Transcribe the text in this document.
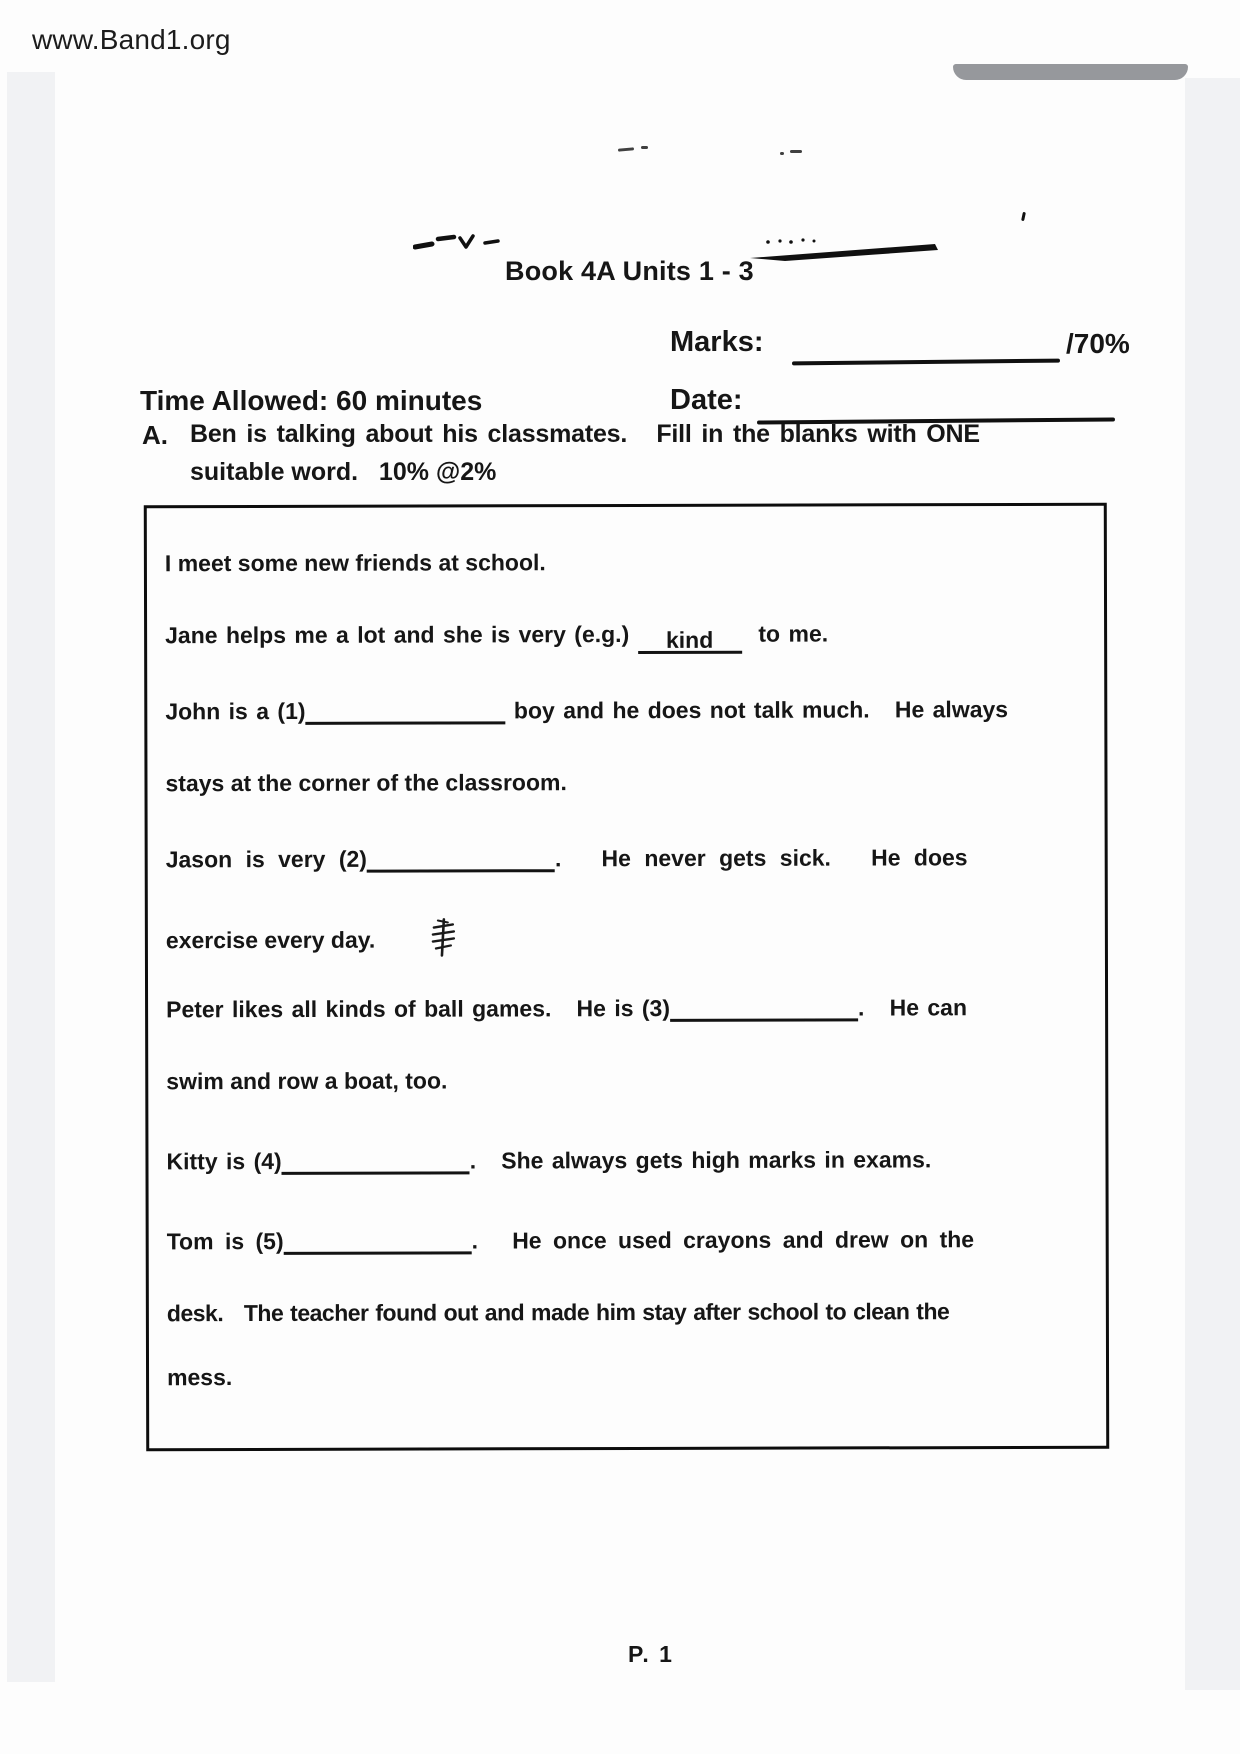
www.Band1.org
Book 4A Units 1 - 3
Marks:	/70%
Time Allowed: 60 minutes	Date:
A. Ben is talking about his classmates.   Fill in the blanks with ONE
suitable word.   10% @2%
I meet some new friends at school.
Jane helps me a lot and she is very (e.g.) kind  to me.
John is a (1)	boy and he does not talk much.   He always
stays at the corner of the classroom.
Jason is very (2)	.   He never gets sick.   He does
exercise every day.
Peter likes all kinds of ball games.   He is (3)	.   He can
swim and row a boat, too.
Kitty is (4)	.   She always gets high marks in exams.
Tom is (5)	.   He once used crayons and drew on the
desk.   The teacher found out and made him stay after school to clean the
mess.
P. 1
